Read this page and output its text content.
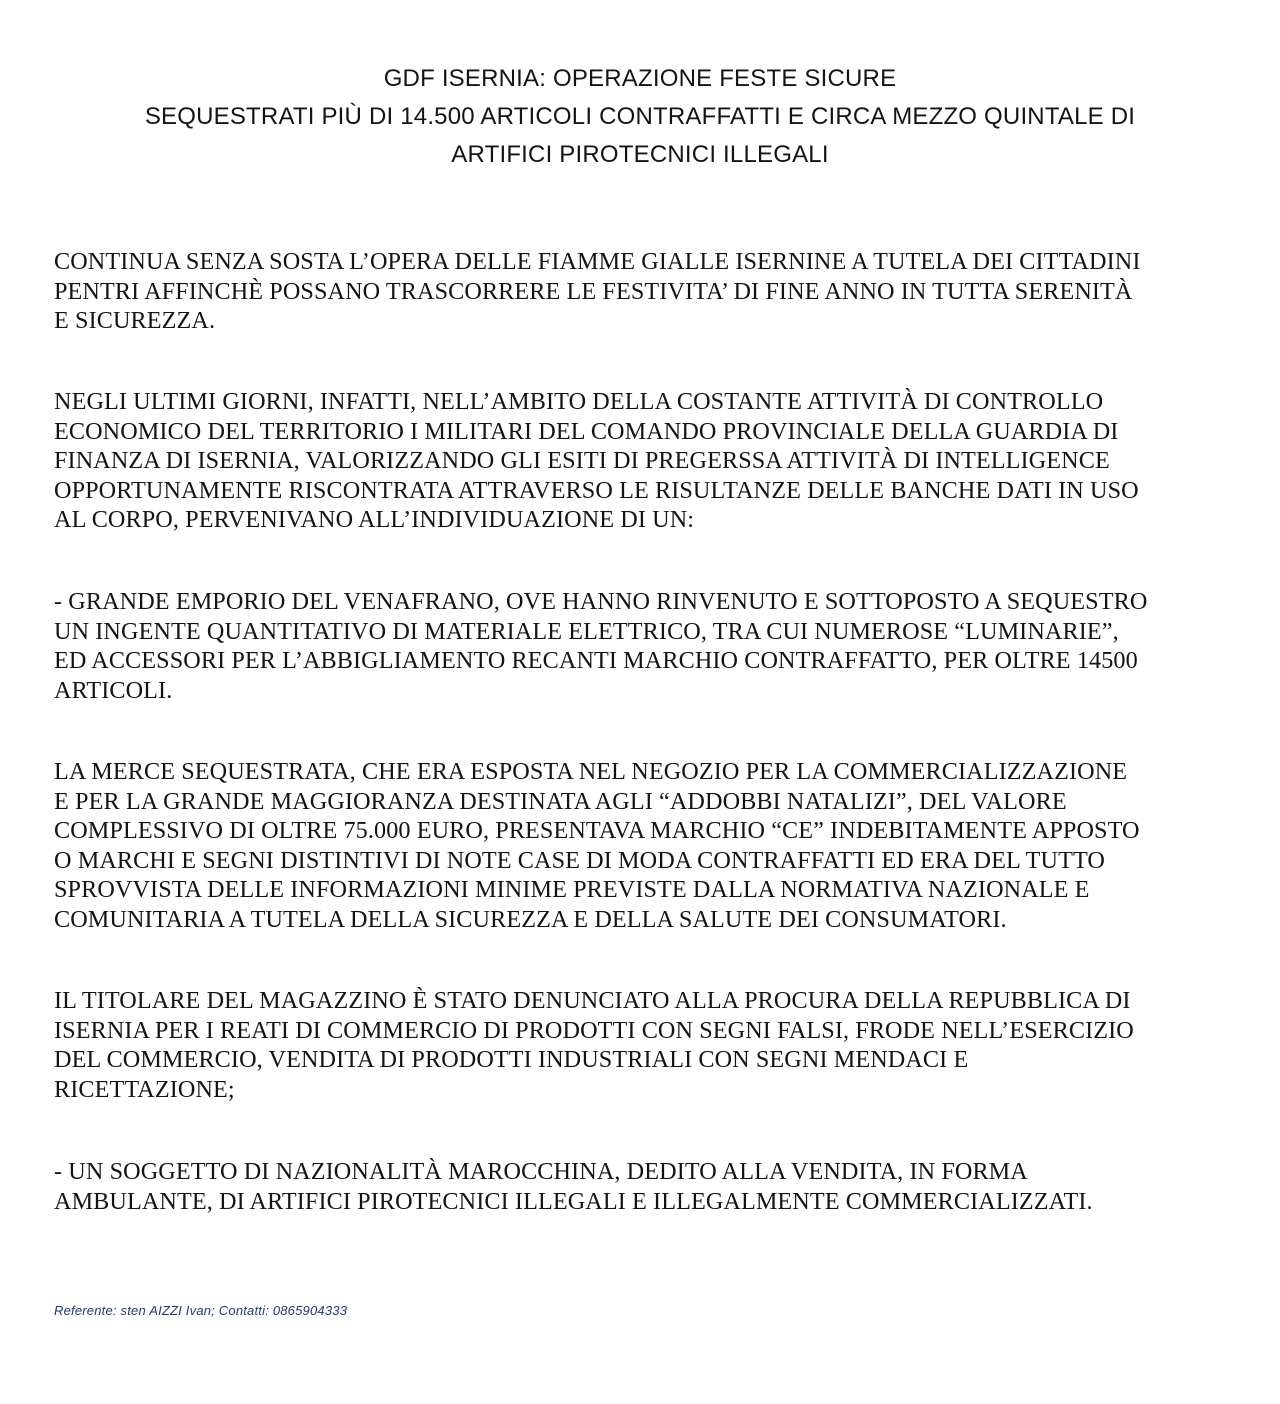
GDF ISERNIA: OPERAZIONE FESTE SICURE
SEQUESTRATI PIÙ DI 14.500 ARTICOLI CONTRAFFATTI E CIRCA MEZZO QUINTALE DI
ARTIFICI PIROTECNICI ILLEGALI
CONTINUA SENZA SOSTA L’OPERA DELLE FIAMME GIALLE ISERNINE A TUTELA DEI CITTADINI
PENTRI AFFINCHÈ POSSANO TRASCORRERE LE FESTIVITA’ DI FINE ANNO IN TUTTA SERENITÀ
E SICUREZZA.
NEGLI ULTIMI GIORNI, INFATTI, NELL’AMBITO DELLA COSTANTE ATTIVITÀ DI CONTROLLO
ECONOMICO DEL TERRITORIO I MILITARI DEL COMANDO PROVINCIALE DELLA GUARDIA DI
FINANZA DI ISERNIA, VALORIZZANDO GLI ESITI DI PREGERSSA ATTIVITÀ DI INTELLIGENCE
OPPORTUNAMENTE RISCONTRATA ATTRAVERSO LE RISULTANZE DELLE BANCHE DATI IN USO
AL CORPO, PERVENIVANO ALL’INDIVIDUAZIONE DI UN:
- GRANDE EMPORIO DEL VENAFRANO, OVE HANNO RINVENUTO E SOTTOPOSTO A SEQUESTRO
UN INGENTE QUANTITATIVO DI MATERIALE ELETTRICO, TRA CUI NUMEROSE “LUMINARIE”,
ED ACCESSORI PER L’ABBIGLIAMENTO RECANTI MARCHIO CONTRAFFATTO, PER OLTRE 14500
ARTICOLI.
LA MERCE SEQUESTRATA, CHE ERA ESPOSTA NEL NEGOZIO PER LA COMMERCIALIZZAZIONE
E PER LA GRANDE MAGGIORANZA DESTINATA AGLI “ADDOBBI NATALIZI”, DEL VALORE
COMPLESSIVO DI OLTRE 75.000 EURO, PRESENTAVA MARCHIO “CE” INDEBITAMENTE APPOSTO
O MARCHI E SEGNI DISTINTIVI DI NOTE CASE DI MODA CONTRAFFATTI ED ERA DEL TUTTO
SPROVVISTA DELLE INFORMAZIONI MINIME PREVISTE DALLA NORMATIVA NAZIONALE E
COMUNITARIA A TUTELA DELLA SICUREZZA E DELLA SALUTE DEI CONSUMATORI.
IL TITOLARE DEL MAGAZZINO È STATO DENUNCIATO ALLA PROCURA DELLA REPUBBLICA DI
ISERNIA PER I REATI DI COMMERCIO DI PRODOTTI CON SEGNI FALSI, FRODE NELL’ESERCIZIO
DEL COMMERCIO, VENDITA DI PRODOTTI INDUSTRIALI CON SEGNI MENDACI E
RICETTAZIONE;
- UN SOGGETTO DI NAZIONALITÀ MAROCCHINA, DEDITO ALLA VENDITA, IN FORMA
AMBULANTE, DI ARTIFICI PIROTECNICI ILLEGALI E ILLEGALMENTE COMMERCIALIZZATI.
Referente: sten AIZZI Ivan; Contatti: 0865904333
